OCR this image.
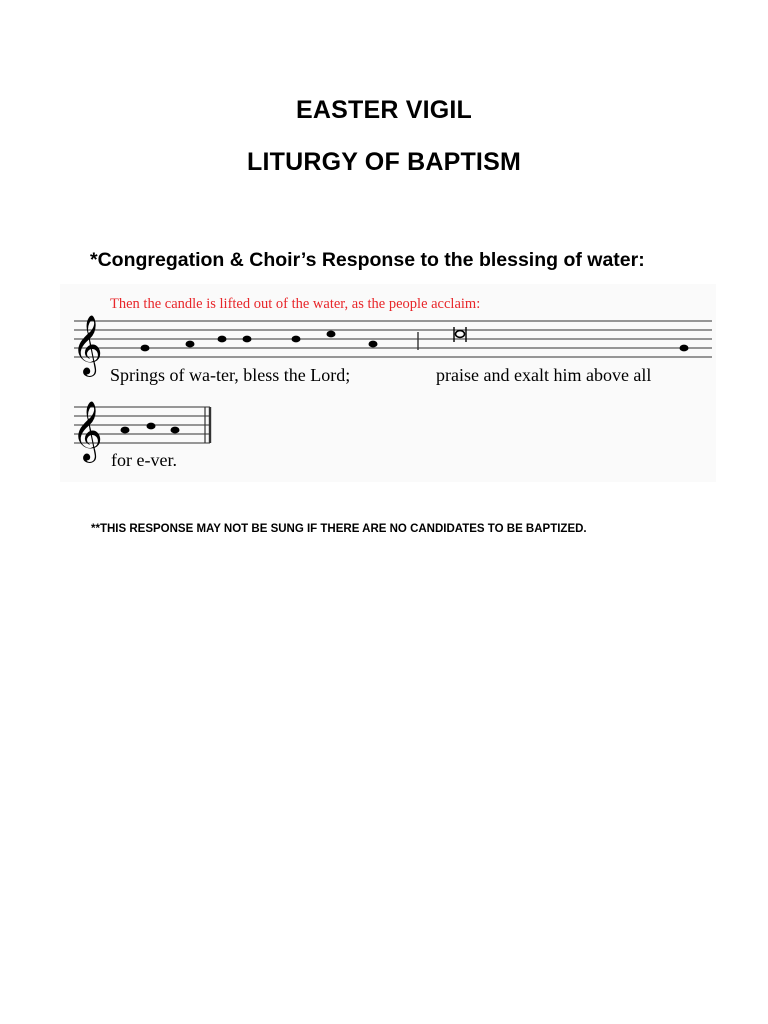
EASTER VIGIL
LITURGY OF BAPTISM
*Congregation & Choir’s Response to the blessing of water:
𝄞
𝄞
Then the candle is lifted out of the water, as the people acclaim:
Springs of wa-ter, bless the Lord;	praise and exalt him above all
for e-ver.
**THIS RESPONSE MAY NOT BE SUNG IF THERE ARE NO CANDIDATES TO BE BAPTIZED.
